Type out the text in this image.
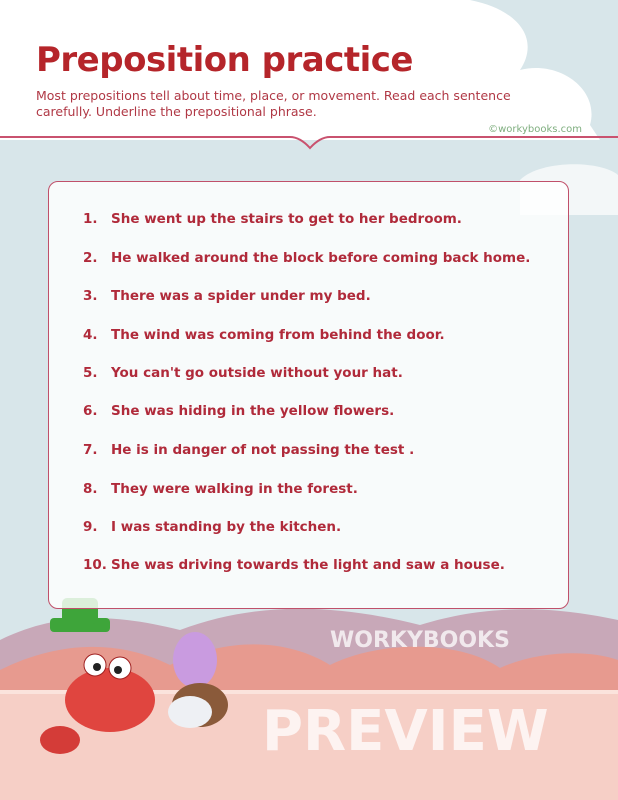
Preposition practice
Most prepositions tell about time, place, or movement. Read each sentence carefully. Underline the prepositional phrase.
©workybooks.com
1. She went up the stairs to get to her bedroom.
2. He walked around the block before coming back home.
3. There was a spider under my bed.
4. The wind was coming from behind the door.
5. You can't go outside without your hat.
6. She was hiding in the yellow flowers.
7. He is in danger of not passing the test .
8. They were walking in the forest.
9. I was standing by the kitchen.
10. She was driving towards the light and saw a house.
WORKYBOOKS
PREVIEW
